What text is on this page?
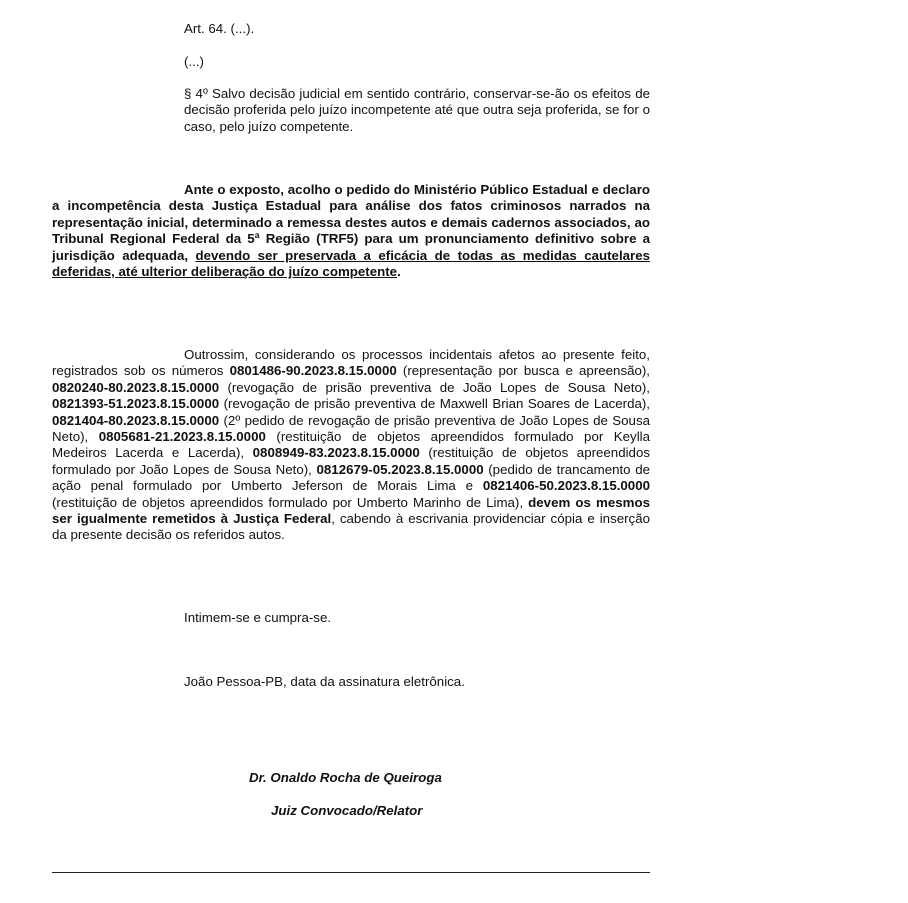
Art. 64. (...).

(...)

§ 4º Salvo decisão judicial em sentido contrário, conservar-se-ão os efeitos de decisão proferida pelo juízo incompetente até que outra seja proferida, se for o caso, pelo juízo competente.

Ante o exposto, acolho o pedido do Ministério Público Estadual e declaro a incompetência desta Justiça Estadual para análise dos fatos criminosos narrados na representação inicial, determinado a remessa destes autos e demais cadernos associados, ao Tribunal Regional Federal da 5ª Região (TRF5) para um pronunciamento definitivo sobre a jurisdição adequada, devendo ser preservada a eficácia de todas as medidas cautelares deferidas, até ulterior deliberação do juízo competente.

Outrossim, considerando os processos incidentais afetos ao presente feito, registrados sob os números 0801486-90.2023.8.15.0000 (representação por busca e apreensão), 0820240-80.2023.8.15.0000 (revogação de prisão preventiva de João Lopes de Sousa Neto), 0821393-51.2023.8.15.0000 (revogação de prisão preventiva de Maxwell Brian Soares de Lacerda), 0821404-80.2023.8.15.0000 (2º pedido de revogação de prisão preventiva de João Lopes de Sousa Neto), 0805681-21.2023.8.15.0000 (restituição de objetos apreendidos formulado por Keylla Medeiros Lacerda e Lacerda), 0808949-83.2023.8.15.0000 (restituição de objetos apreendidos formulado por João Lopes de Sousa Neto), 0812679-05.2023.8.15.0000 (pedido de trancamento de ação penal formulado por Umberto Jeferson de Morais Lima e 0821406-50.2023.8.15.0000 (restituição de objetos apreendidos formulado por Umberto Marinho de Lima), devem os mesmos ser igualmente remetidos à Justiça Federal, cabendo à escrivania providenciar cópia e inserção da presente decisão os referidos autos.

Intimem-se e cumpra-se.

João Pessoa-PB, data da assinatura eletrônica.

Dr. Onaldo Rocha de Queiroga
Juiz Convocado/Relator
